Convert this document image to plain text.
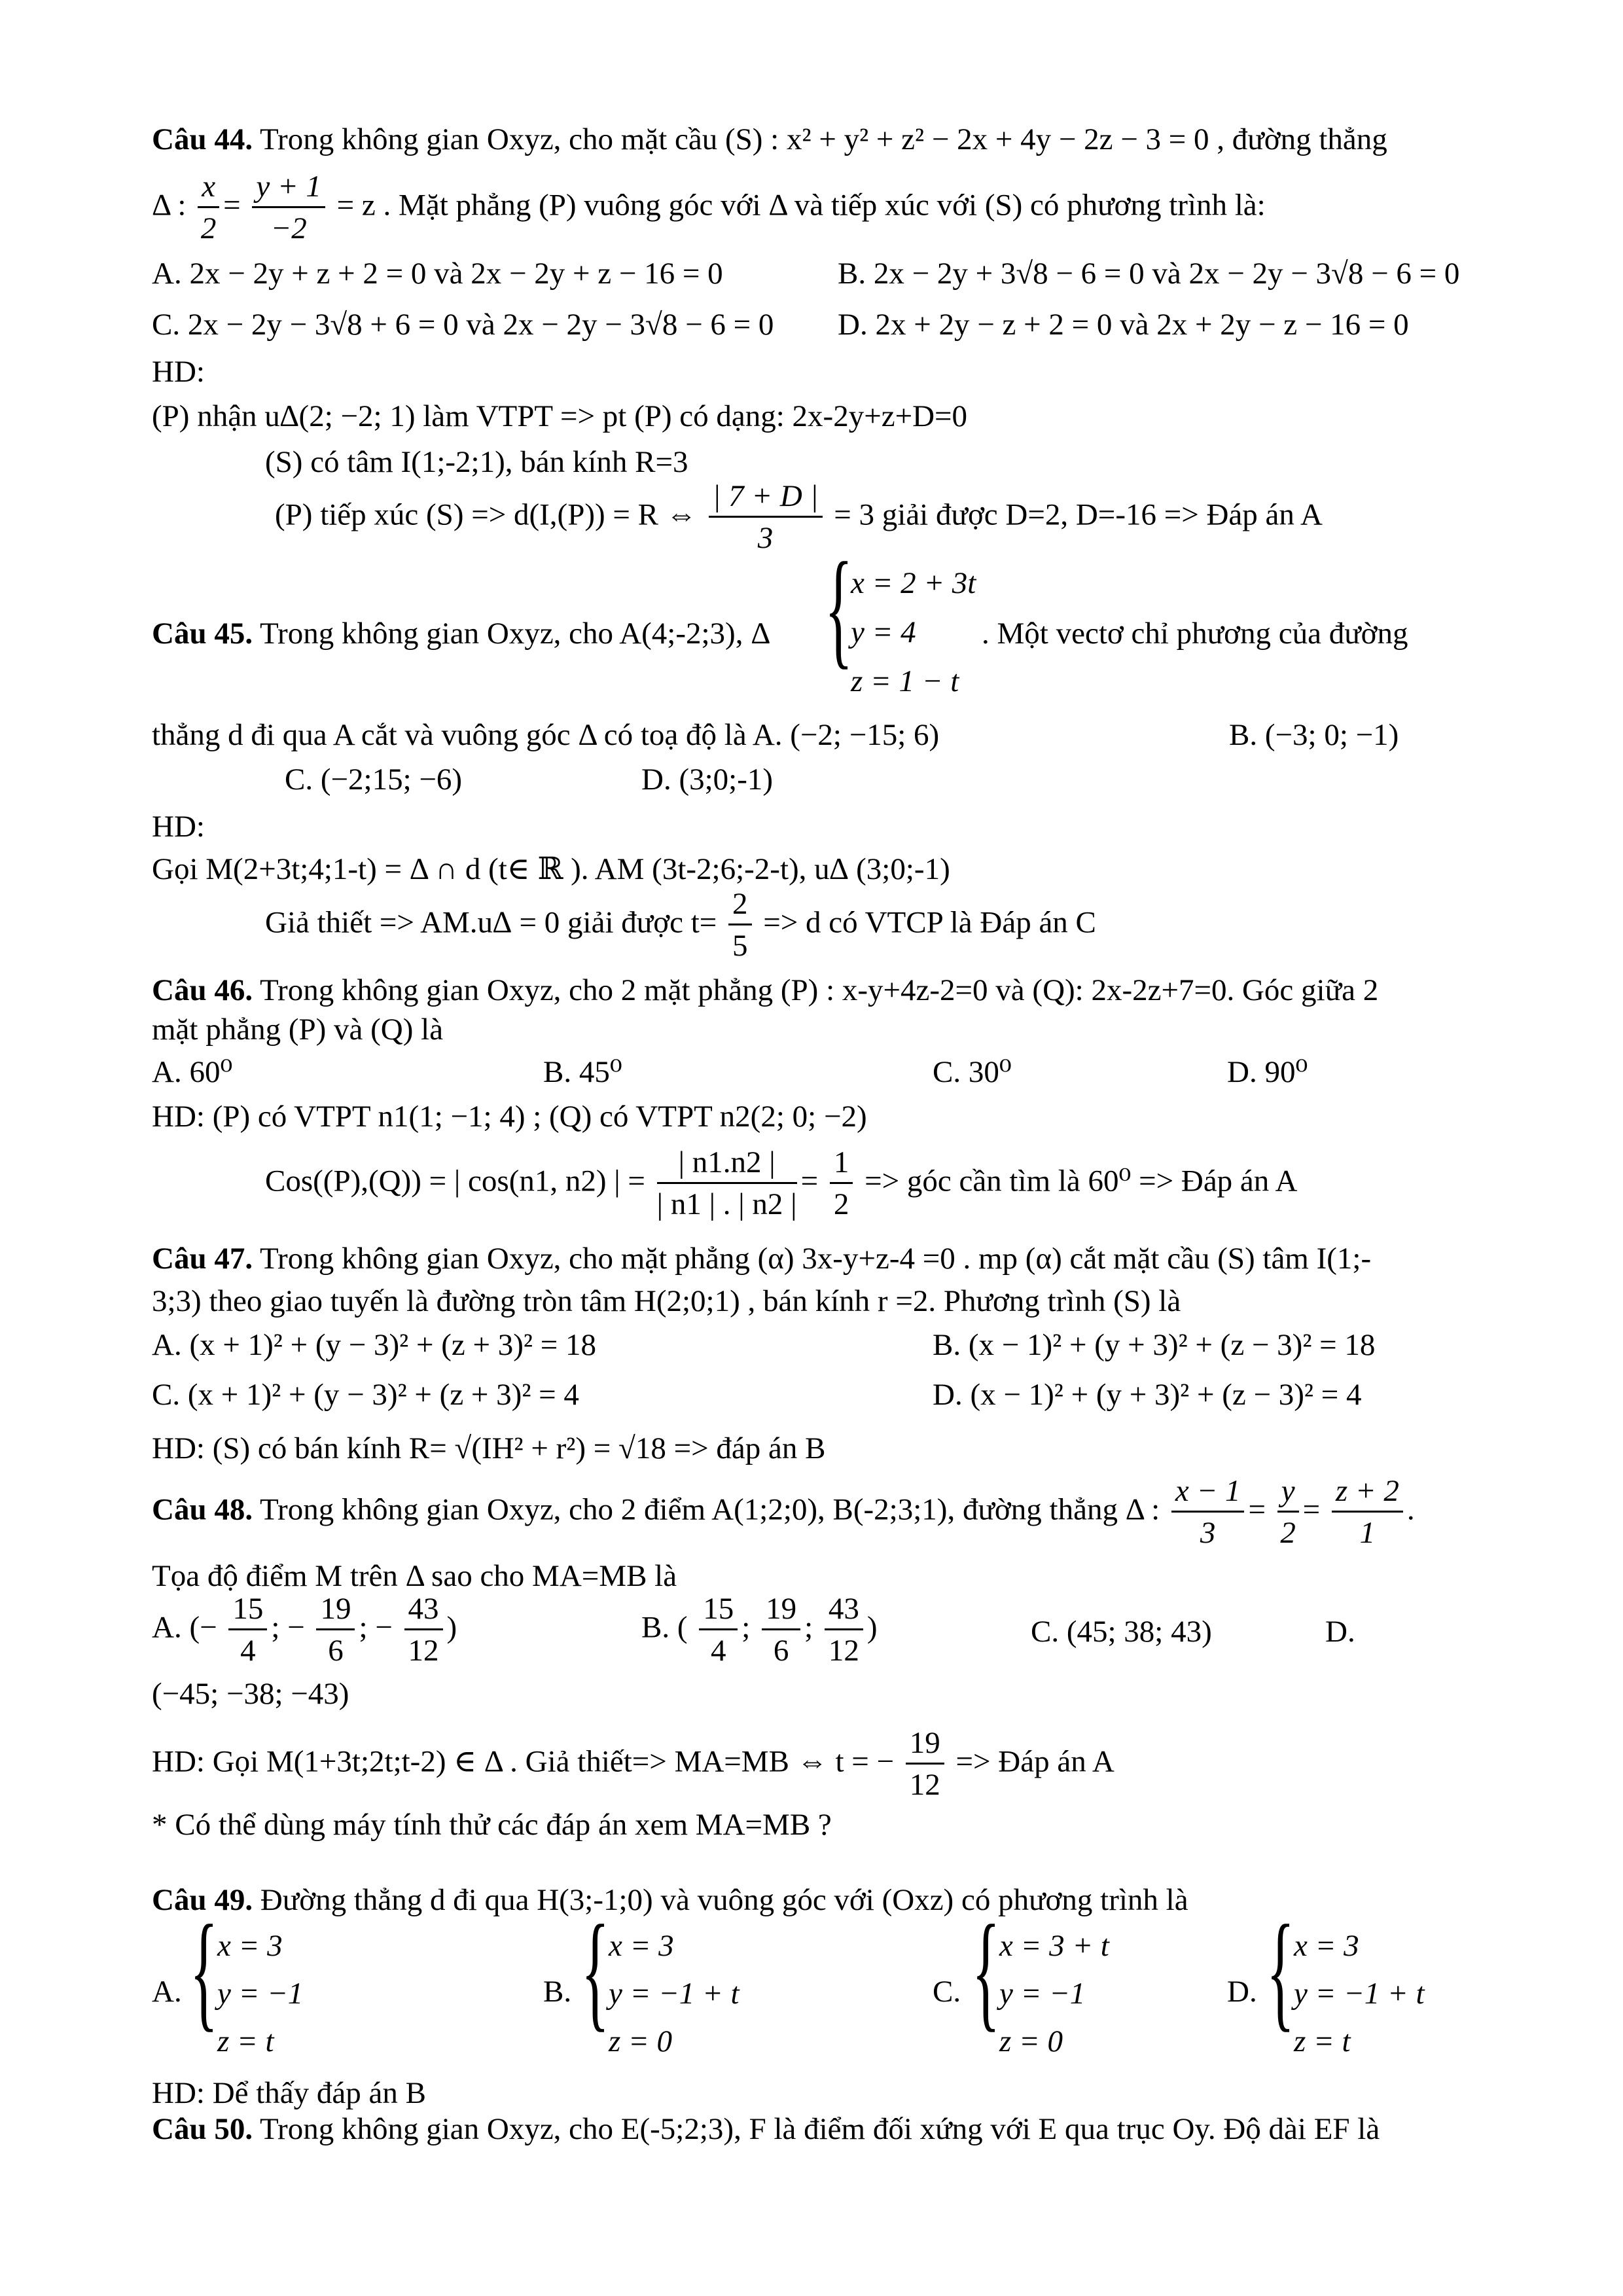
Câu 44. Trong không gian Oxyz, cho mặt cầu (S) : x² + y² + z² − 2x + 4y − 2z − 3 = 0 , đường thẳng
Δ : $\frac{x}{2} = \frac{y + 1}{-2} = z$ . Mặt phẳng (P) vuông góc với Δ và tiếp xúc với (S) có phương trình là:
A. 2x − 2y + z + 2 = 0 và 2x − 2y + z − 16 = 0	B. 2x − 2y + 3√8 − 6 = 0 và 2x − 2y − 3√8 − 6 = 0
C. 2x − 2y − 3√8 + 6 = 0 và 2x − 2y − 3√8 − 6 = 0 D. 2x + 2y − z + 2 = 0 và 2x + 2y − z − 16 = 0
HD:
(P) nhận u∆(2; −2; 1) làm VTPT => pt (P) có dạng: 2x-2y+z+D=0
(S) có tâm I(1;-2;1), bán kính R=3
(P) tiếp xúc (S) => d(I,(P)) = R ⇔ $\frac{| 7 + D |}{3} = 3$ giải được D=2, D=-16 => Đáp án A
Câu 45. Trong không gian Oxyz, cho A(4;-2;3), Δ {
x = 2 + 3t
y = 4
z = 1 − t
. Một vectơ chỉ phương của đường
thẳng d đi qua A cắt và vuông góc Δ có toạ độ là A. (−2; −15; 6)	B. (−3; 0; −1)
C. (−2;15; −6)	D. (3;0;-1)
HD:
Gọi M(2+3t;4;1-t) = Δ ∩ d (t∈ ℝ ). AM (3t-2;6;-2-t), u∆ (3;0;-1)
Giả thiết => AM.u∆ = 0 giải được $t= \frac{2}{5} => d$ có VTCP là Đáp án C
Câu 46. Trong không gian Oxyz, cho 2 mặt phẳng (P) : x-y+4z-2=0 và (Q): 2x-2z+7=0. Góc giữa 2
mặt phẳng (P) và (Q) là
A. 60⁰	B. 45⁰	C. 30⁰	D. 90⁰
HD: (P) có VTPT n1(1; −1; 4) ; (Q) có VTPT n2(2; 0; −2)
Cos((P),(Q)) = | cos(n1, n2) | = $\frac{| n1.n2 |}{| n1 | . | n2 |} = \frac{1}{2}$ => góc cần tìm là 60⁰ => Đáp án A
Câu 47. Trong không gian Oxyz, cho mặt phẳng (α) 3x-y+z-4 =0 . mp (α) cắt mặt cầu (S) tâm I(1;-
3;3) theo giao tuyến là đường tròn tâm H(2;0;1) , bán kính r =2. Phương trình (S) là
A. (x + 1)² + (y − 3)² + (z + 3)² = 18	B. (x − 1)² + (y + 3)² + (z − 3)² = 18
C. (x + 1)² + (y − 3)² + (z + 3)² = 4	D. (x − 1)² + (y + 3)² + (z − 3)² = 4
HD: (S) có bán kính R= √(IH² + r²) = √18 => đáp án B
Câu 48. Trong không gian Oxyz, cho 2 điểm A(1;2;0), B(-2;3;1), đường thẳng Δ : $\frac{x - 1}{3} = \frac{y}{2} = \frac{z + 2}{1}$ .
Tọa độ điểm M trên Δ sao cho MA=MB là
A. (− $\frac{15}{4}$ ; − $\frac{19}{6}$ ; − $\frac{43}{12}$ )	B. ( $\frac{15}{4}$ ; $\frac{19}{6}$ ; $\frac{43}{12}$ )	C. (45; 38; 43)	D.
(−45; −38; −43)
HD: Gọi M(1+3t;2t;t-2) ∈ Δ . Giả thiết=> MA=MB ⇔ t = − $\frac{19}{12}$ => Đáp án A
* Có thể dùng máy tính thử các đáp án xem MA=MB ?
Câu 49. Đường thẳng d đi qua H(3;-1;0) và vuông góc với (Oxz) có phương trình là
A. {
x = 3
y = −1
z = t
B. {
x = 3
y = −1 + t
z = 0
C. {
x = 3 + t
y = −1
z = 0
D. {
x = 3
y = −1 + t
z = t
HD: Dể thấy đáp án B
Câu 50. Trong không gian Oxyz, cho E(-5;2;3), F là điểm đối xứng với E qua trục Oy. Độ dài EF là
